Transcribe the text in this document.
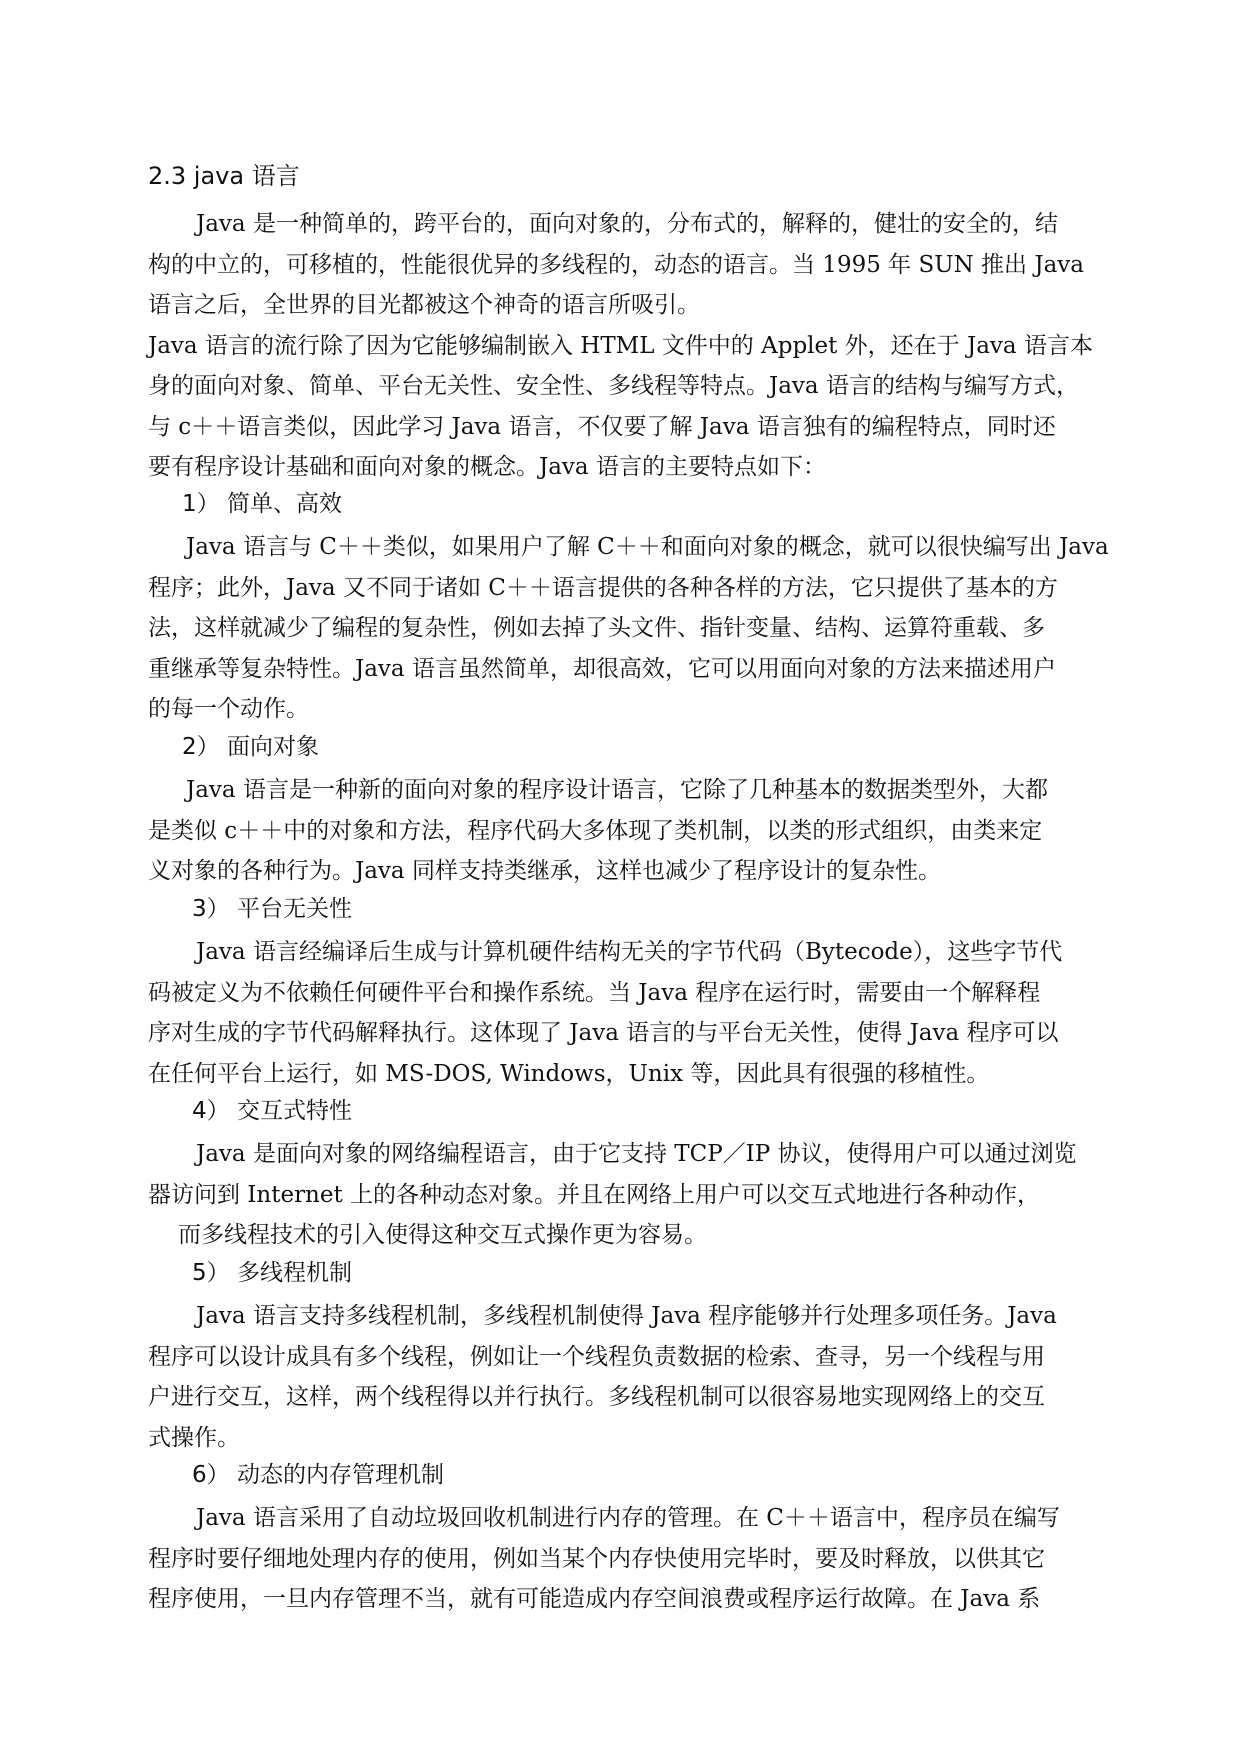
2.3 java 语言
Java 是一种简单的，跨平台的，面向对象的，分布式的，解释的，健壮的安全的，结
构的中立的，可移植的，性能很优异的多线程的，动态的语言。当 1995 年 SUN 推出 Java
语言之后，全世界的目光都被这个神奇的语言所吸引。
Java 语言的流行除了因为它能够编制嵌入 HTML 文件中的 Applet 外，还在于 Java 语言本
身的面向对象、简单、平台无关性、安全性、多线程等特点。Java 语言的结构与编写方式，
与 c＋＋语言类似，因此学习 Java 语言，不仅要了解 Java 语言独有的编程特点，同时还
要有程序设计基础和面向对象的概念。Java 语言的主要特点如下：
1） 简单、高效
Java 语言与 C＋＋类似，如果用户了解 C＋＋和面向对象的概念，就可以很快编写出 Java
程序；此外，Java 又不同于诸如 C＋＋语言提供的各种各样的方法，它只提供了基本的方
法，这样就减少了编程的复杂性，例如去掉了头文件、指针变量、结构、运算符重载、多
重继承等复杂特性。Java 语言虽然简单，却很高效，它可以用面向对象的方法来描述用户
的每一个动作。
2） 面向对象
Java 语言是一种新的面向对象的程序设计语言，它除了几种基本的数据类型外，大都
是类似 c＋＋中的对象和方法，程序代码大多体现了类机制，以类的形式组织，由类来定
义对象的各种行为。Java 同样支持类继承，这样也减少了程序设计的复杂性。
3） 平台无关性
Java 语言经编译后生成与计算机硬件结构无关的字节代码（Bytecode），这些字节代
码被定义为不依赖任何硬件平台和操作系统。当 Java 程序在运行时，需要由一个解释程
序对生成的字节代码解释执行。这体现了 Java 语言的与平台无关性，使得 Java 程序可以
在任何平台上运行，如 MS-DOS, Windows，Unix 等，因此具有很强的移植性。
4） 交互式特性
Java 是面向对象的网络编程语言，由于它支持 TCP／IP 协议，使得用户可以通过浏览
器访问到 Internet 上的各种动态对象。并且在网络上用户可以交互式地进行各种动作，
而多线程技术的引入使得这种交互式操作更为容易。
5） 多线程机制
Java 语言支持多线程机制，多线程机制使得 Java 程序能够并行处理多项任务。Java
程序可以设计成具有多个线程，例如让一个线程负责数据的检索、查寻，另一个线程与用
户进行交互，这样，两个线程得以并行执行。多线程机制可以很容易地实现网络上的交互
式操作。
6） 动态的内存管理机制
Java 语言采用了自动垃圾回收机制进行内存的管理。在 C＋＋语言中，程序员在编写
程序时要仔细地处理内存的使用，例如当某个内存快使用完毕时，要及时释放，以供其它
程序使用，一旦内存管理不当，就有可能造成内存空间浪费或程序运行故障。在 Java 系
